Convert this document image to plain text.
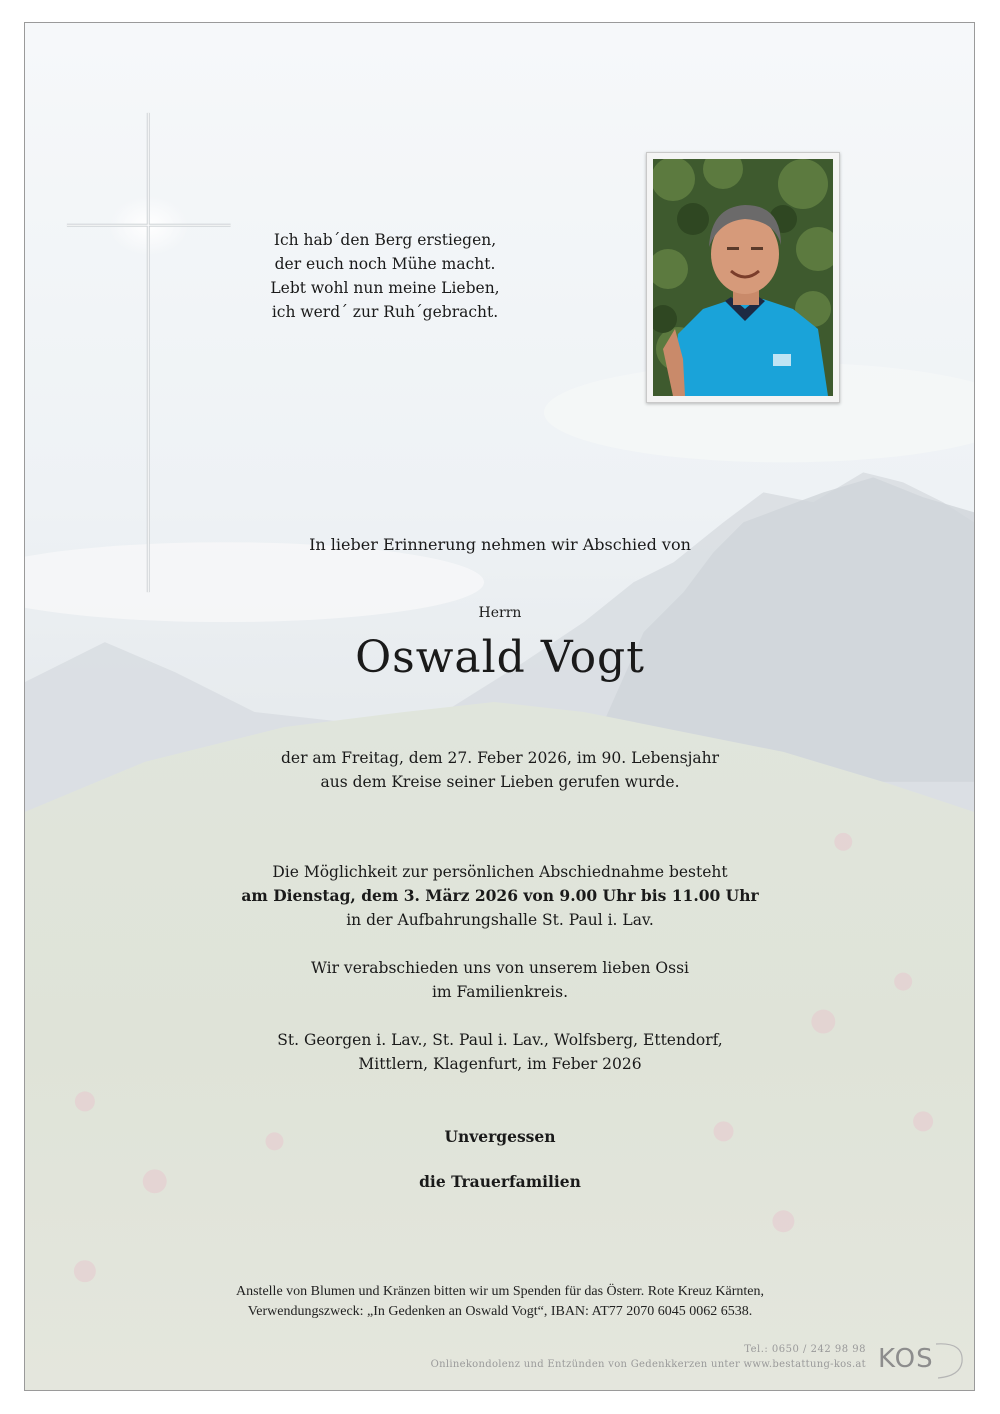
Ich hab´den Berg erstiegen,
der euch noch Mühe macht.
Lebt wohl nun meine Lieben,
ich werd´ zur Ruh´gebracht.
In lieber Erinnerung nehmen wir Abschied von
Herrn
Oswald Vogt
der am Freitag, dem 27. Feber 2026, im 90. Lebensjahr
aus dem Kreise seiner Lieben gerufen wurde.
Die Möglichkeit zur persönlichen Abschiednahme besteht
am Dienstag, dem 3. März 2026 von 9.00 Uhr bis 11.00 Uhr
in der Aufbahrungshalle St. Paul i. Lav.
Wir verabschieden uns von unserem lieben Ossi
im Familienkreis.
St. Georgen i. Lav., St. Paul i. Lav., Wolfsberg, Ettendorf,
Mittlern, Klagenfurt, im Feber 2026
Unvergessen
die Trauerfamilien
Anstelle von Blumen und Kränzen bitten wir um Spenden für das Österr. Rote Kreuz Kärnten,
Verwendungszweck: „In Gedenken an Oswald Vogt“, IBAN: AT77 2070 6045 0062 6538.
Tel.: 0650 / 242 98 98
Onlinekondolenz und Entzünden von Gedenkkerzen unter www.bestattung-kos.at KOS
